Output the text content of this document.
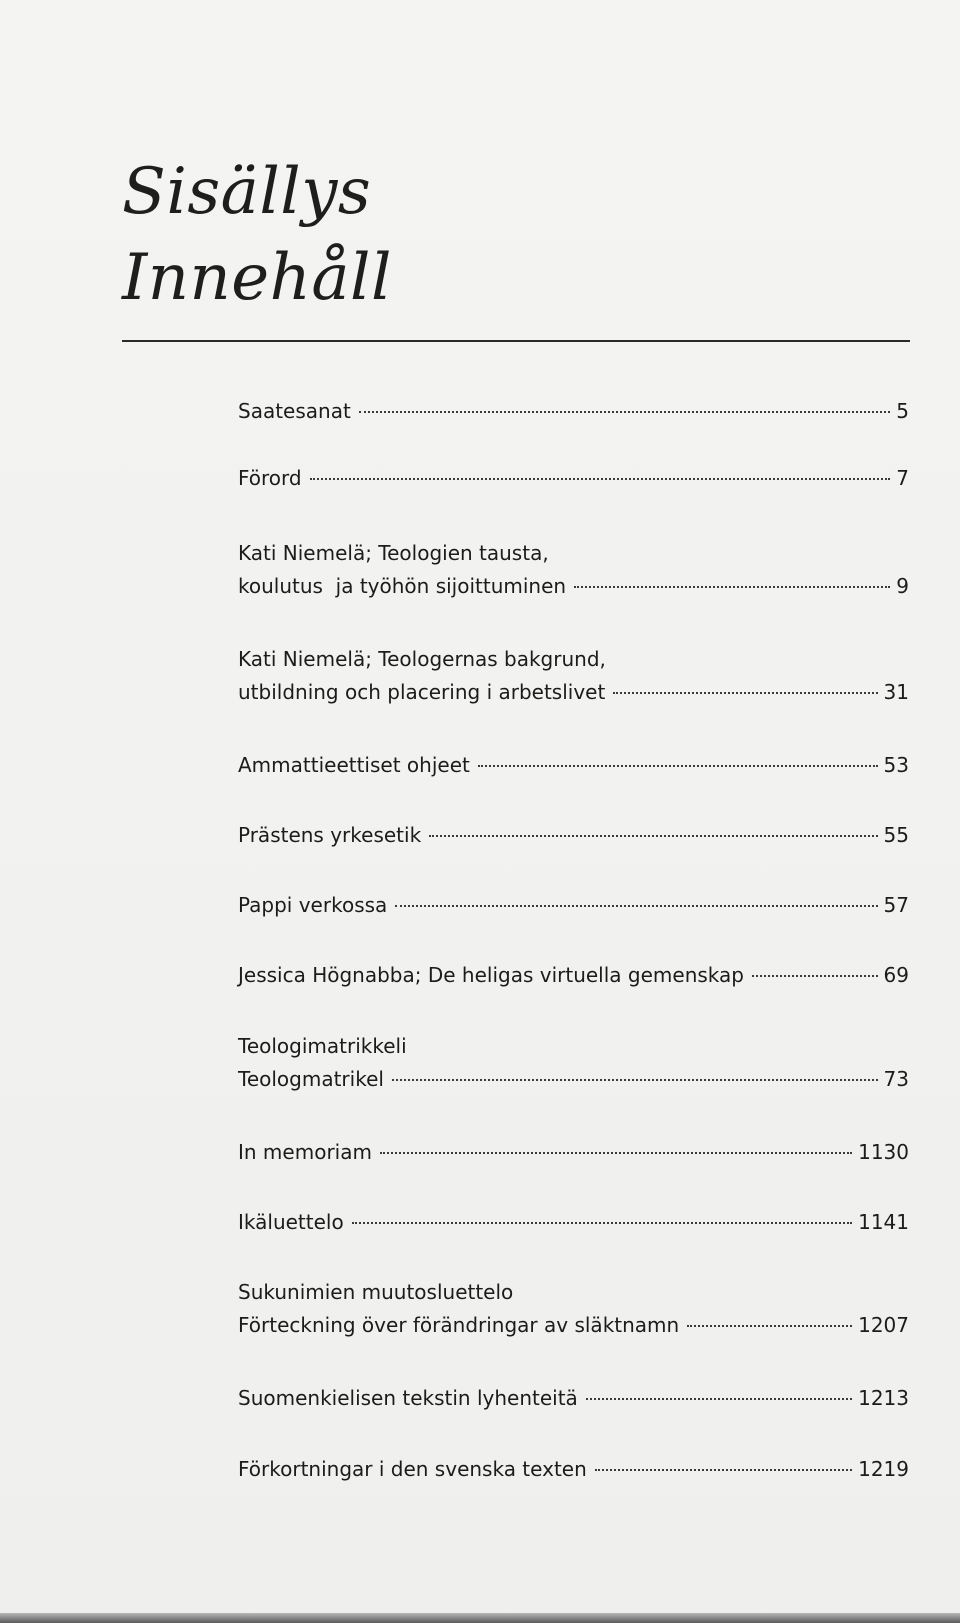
Sisällys
Innehåll
Saatesanat	5
Förord	7
Kati Niemelä; Teologien tausta,
koulutus  ja työhön sijoittuminen	9
Kati Niemelä; Teologernas bakgrund,
utbildning och placering i arbetslivet	31
Ammattieettiset ohjeet	53
Prästens yrkesetik	55
Pappi verkossa	57
Jessica Högnabba; De heligas virtuella gemenskap	69
Teologimatrikkeli
Teologmatrikel	73
In memoriam	1130
Ikäluettelo	1141
Sukunimien muutosluettelo
Förteckning över förändringar av släktnamn	1207
Suomenkielisen tekstin lyhenteitä	1213
Förkortningar i den svenska texten	1219
